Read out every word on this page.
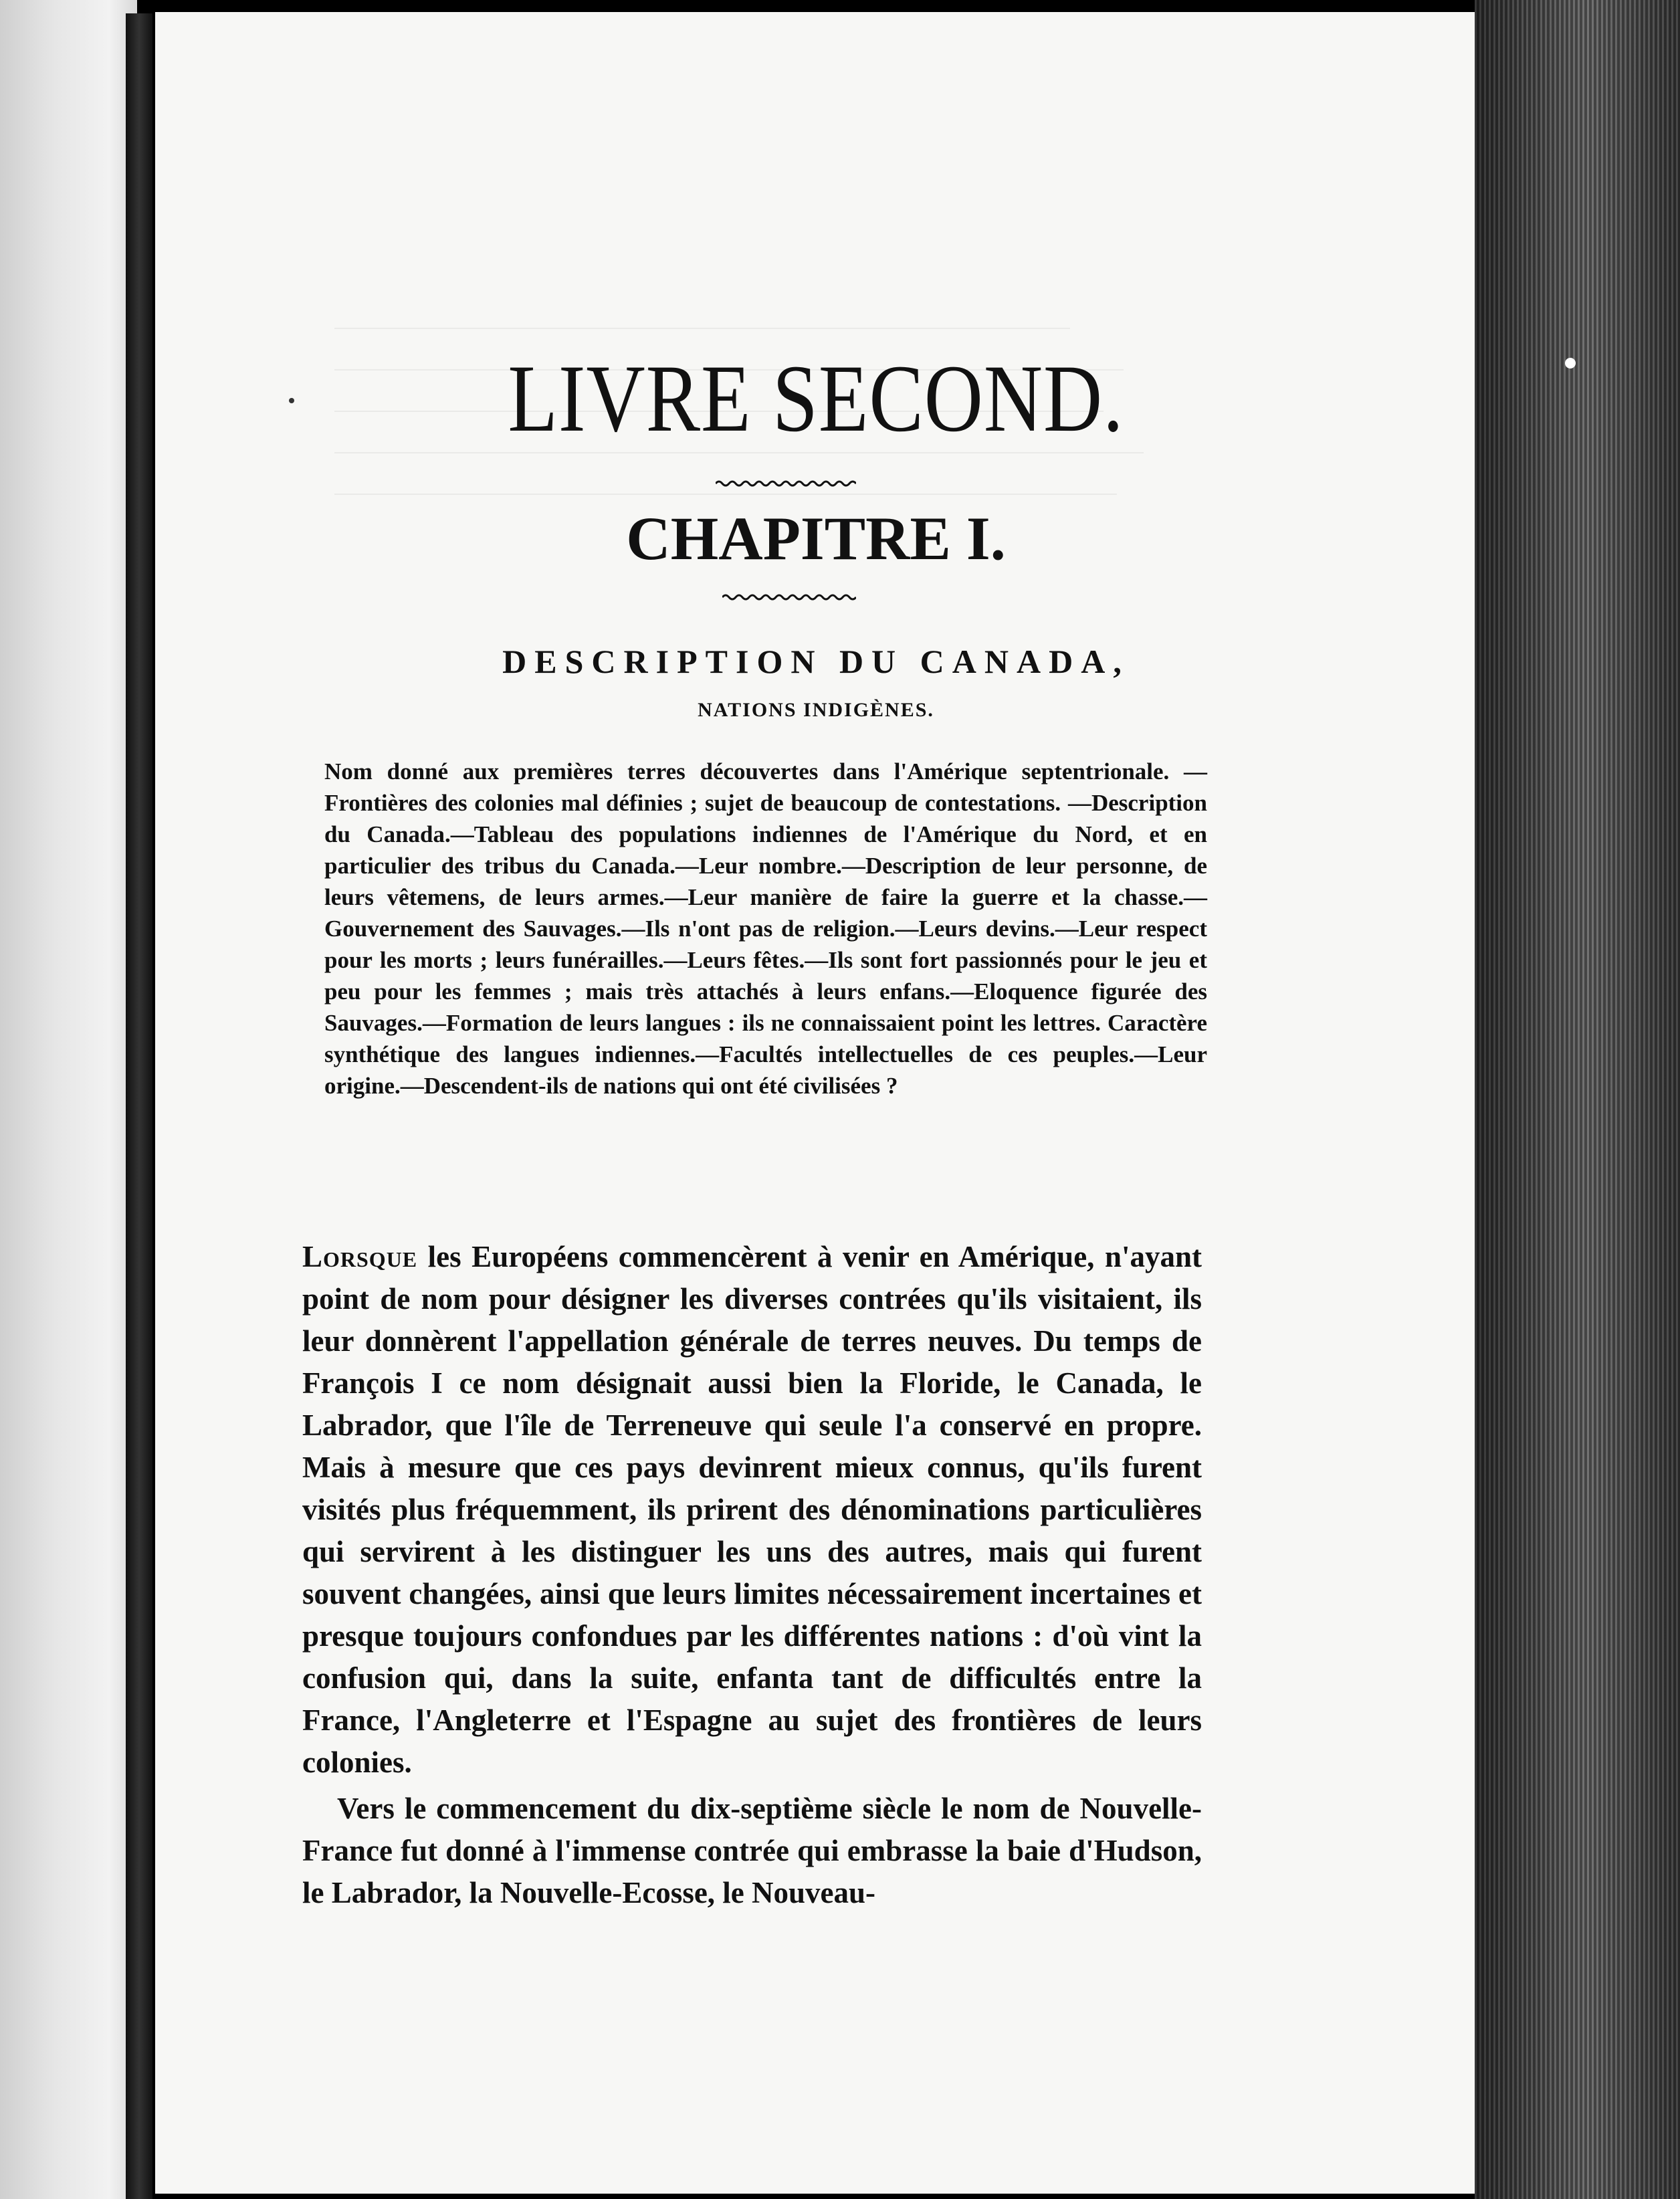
LIVRE SECOND.
CHAPITRE I.
DESCRIPTION DU CANADA,
NATIONS INDIGÈNES.
Nom donné aux premières terres découvertes dans l'Amérique septentrionale. —Frontières des colonies mal définies ; sujet de beaucoup de contestations. —Description du Canada.—Tableau des populations indiennes de l'Amérique du Nord, et en particulier des tribus du Canada.—Leur nombre.—Description de leur personne, de leurs vêtemens, de leurs armes.—Leur manière de faire la guerre et la chasse.—Gouvernement des Sauvages.—Ils n'ont pas de religion.—Leurs devins.—Leur respect pour les morts ; leurs funérailles.—Leurs fêtes.—Ils sont fort passionnés pour le jeu et peu pour les femmes ; mais très attachés à leurs enfans.—Eloquence figurée des Sauvages.—Formation de leurs langues : ils ne connaissaient point les lettres. Caractère synthétique des langues indiennes.—Facultés intellectuelles de ces peuples.—Leur origine.—Descendent-ils de nations qui ont été civilisées ?

Lorsque les Européens commencèrent à venir en Amérique, n'ayant point de nom pour désigner les diverses contrées qu'ils visitaient, ils leur donnèrent l'appellation générale de terres neuves. Du temps de François I ce nom désignait aussi bien la Floride, le Canada, le Labrador, que l'île de Terreneuve qui seule l'a conservé en propre. Mais à mesure que ces pays devinrent mieux connus, qu'ils furent visités plus fréquemment, ils prirent des dénominations particulières qui servirent à les distinguer les uns des autres, mais qui furent souvent changées, ainsi que leurs limites nécessairement incertaines et presque toujours confondues par les différentes nations : d'où vint la confusion qui, dans la suite, enfanta tant de difficultés entre la France, l'Angleterre et l'Espagne au sujet des frontières de leurs colonies.

Vers le commencement du dix-septième siècle le nom de Nouvelle-France fut donné à l'immense contrée qui embrasse la baie d'Hudson, le Labrador, la Nouvelle-Ecosse, le Nouveau-
